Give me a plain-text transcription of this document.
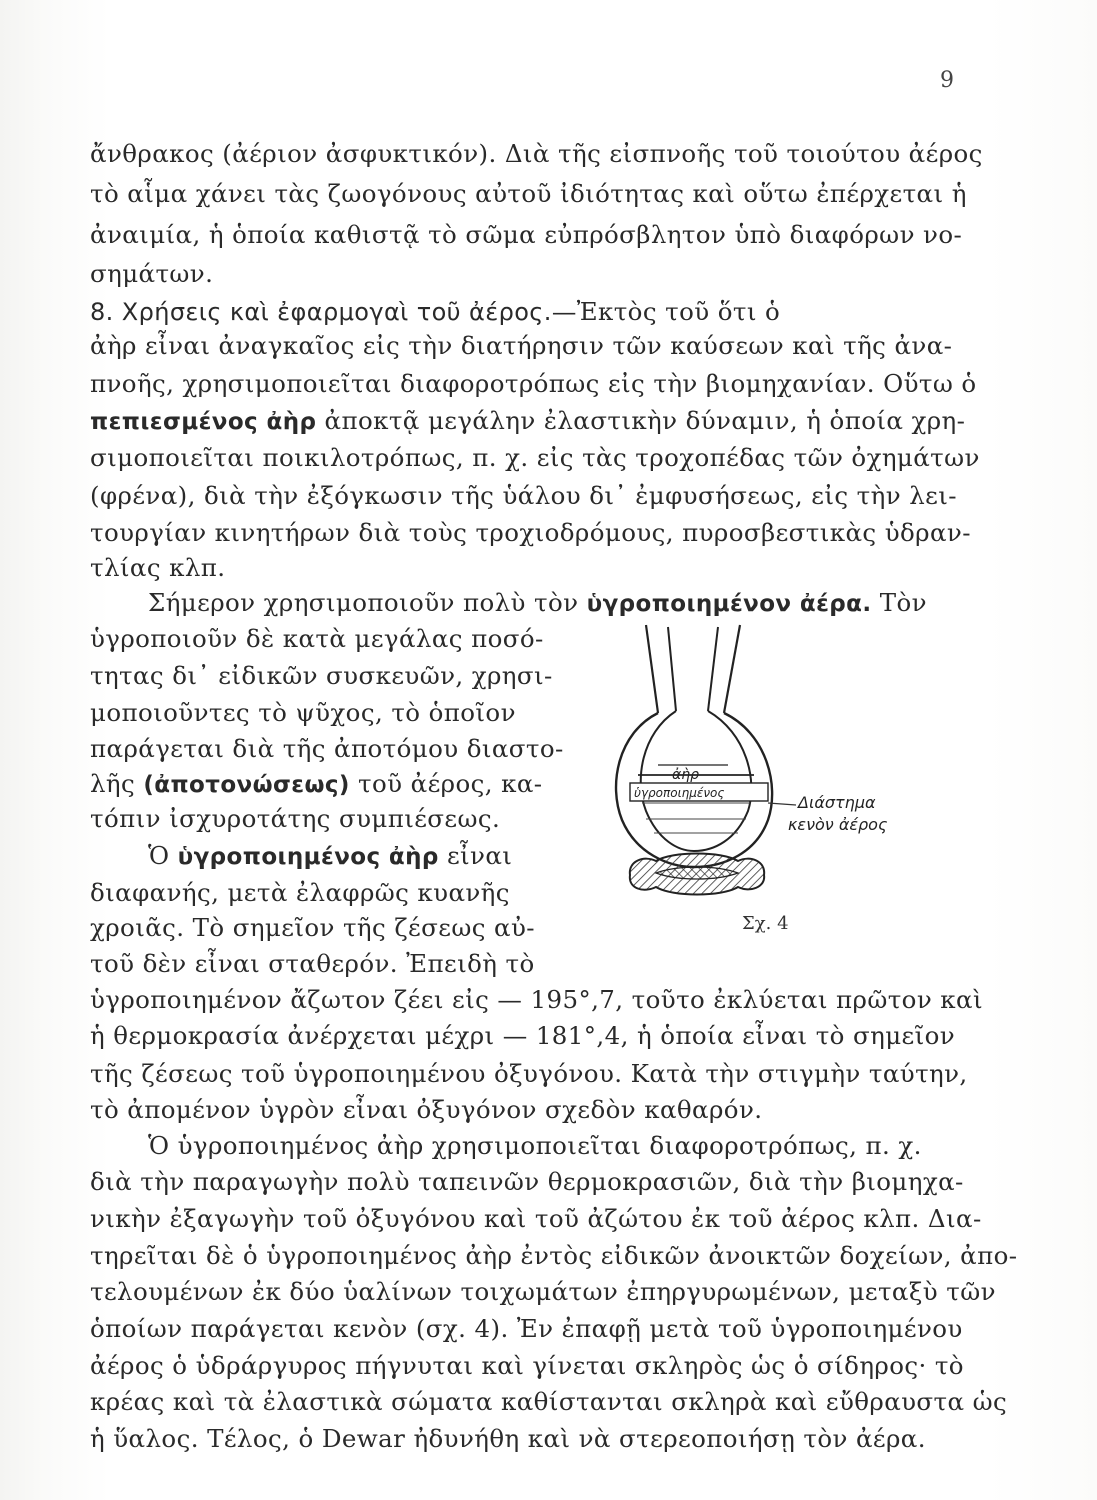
9
ἄνθρακος (ἀέριον ἀσφυκτικόν). Διὰ τῆς εἰσπνοῆς τοῦ τοιούτου ἀέρος
τὸ αἷμα χάνει τὰς ζωογόνους αὐτοῦ ἰδιότητας καὶ οὕτω ἐπέρχεται ἡ
ἀναιμία, ἡ ὁποία καθιστᾷ τὸ σῶμα εὐπρόσβλητον ὑπὸ διαφόρων νο-
σημάτων.
8. Χρήσεις καὶ ἐφαρμογαὶ τοῦ ἀέρος.—Ἐκτὸς τοῦ ὅτι ὁ
ἀὴρ εἶναι ἀναγκαῖος εἰς τὴν διατήρησιν τῶν καύσεων καὶ τῆς ἀνα-
πνοῆς, χρησιμοποιεῖται διαφοροτρόπως εἰς τὴν βιομηχανίαν. Οὕτω ὁ
πεπιεσμένος ἀὴρ ἀποκτᾷ μεγάλην ἐλαστικὴν δύναμιν, ἡ ὁποία χρη-
σιμοποιεῖται ποικιλοτρόπως, π. χ. εἰς τὰς τροχοπέδας τῶν ὀχημάτων
(φρένα), διὰ τὴν ἐξόγκωσιν τῆς ὑάλου δι᾽ ἐμφυσήσεως, εἰς τὴν λει-
τουργίαν κινητήρων διὰ τοὺς τροχιοδρόμους, πυροσβεστικὰς ὑδραν-
τλίας κλπ.
Σήμερον χρησιμοποιοῦν πολὺ τὸν ὑγροποιημένον ἀέρα. Τὸν
ὑγροποιοῦν δὲ κατὰ μεγάλας ποσό-
τητας δι᾽ εἰδικῶν συσκευῶν, χρησι-
μοποιοῦντες τὸ ψῦχος, τὸ ὁποῖον
παράγεται διὰ τῆς ἀποτόμου διαστο-
λῆς (ἀποτονώσεως) τοῦ ἀέρος, κα-
τόπιν ἰσχυροτάτης συμπιέσεως.
Ὁ ὑγροποιημένος ἀὴρ εἶναι
διαφανής, μετὰ ἐλαφρῶς κυανῆς
χροιᾶς. Τὸ σημεῖον τῆς ζέσεως αὐ-
τοῦ δὲν εἶναι σταθερόν. Ἐπειδὴ τὸ
ἀὴρ
ὑγροποιημένος	Διάστημα
κενὸν ἀέρος
Σχ. 4
ὑγροποιημένον ἄζωτον ζέει εἰς — 195°,7, τοῦτο ἐκλύεται πρῶτον καὶ
ἡ θερμοκρασία ἀνέρχεται μέχρι — 181°,4, ἡ ὁποία εἶναι τὸ σημεῖον
τῆς ζέσεως τοῦ ὑγροποιημένου ὀξυγόνου. Κατὰ τὴν στιγμὴν ταύτην,
τὸ ἀπομένον ὑγρὸν εἶναι ὀξυγόνον σχεδὸν καθαρόν.
Ὁ ὑγροποιημένος ἀὴρ χρησιμοποιεῖται διαφοροτρόπως, π. χ.
διὰ τὴν παραγωγὴν πολὺ ταπεινῶν θερμοκρασιῶν, διὰ τὴν βιομηχα-
νικὴν ἐξαγωγὴν τοῦ ὀξυγόνου καὶ τοῦ ἀζώτου ἐκ τοῦ ἀέρος κλπ. Δια-
τηρεῖται δὲ ὁ ὑγροποιημένος ἀὴρ ἐντὸς εἰδικῶν ἀνοικτῶν δοχείων, ἀπο-
τελουμένων ἐκ δύο ὑαλίνων τοιχωμάτων ἐπηργυρωμένων, μεταξὺ τῶν
ὁποίων παράγεται κενὸν (σχ. 4). Ἐν ἐπαφῇ μετὰ τοῦ ὑγροποιημένου
ἀέρος ὁ ὑδράργυρος πήγνυται καὶ γίνεται σκληρὸς ὡς ὁ σίδηρος· τὸ
κρέας καὶ τὰ ἐλαστικὰ σώματα καθίστανται σκληρὰ καὶ εὔθραυστα ὡς
ἡ ὕαλος. Τέλος, ὁ Dewar ἠδυνήθη καὶ νὰ στερεοποιήσῃ τὸν ἀέρα.
